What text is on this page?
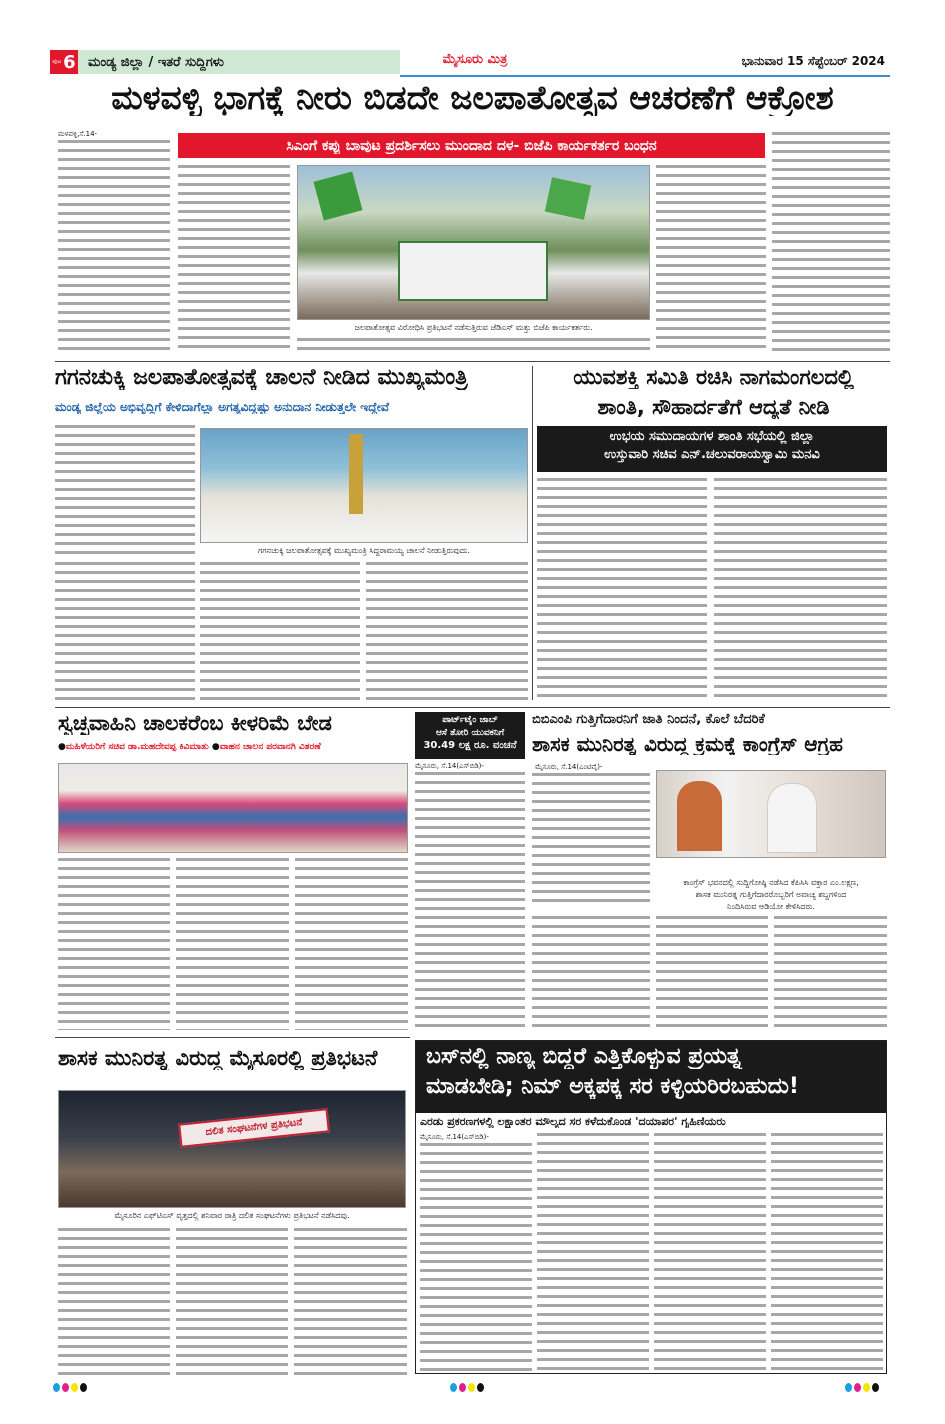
ಪುಟ 6 ಮಂಡ್ಯ ಜಿಲ್ಲಾ / ಇತರೆ ಸುದ್ದಿಗಳು	ಮೈಸೂರು ಮಿತ್ರ	ಭಾನುವಾರ 15 ಸೆಪ್ಟೆಂಬರ್ 2024
ಮಳವಳ್ಳಿ ಭಾಗಕ್ಕೆ ನೀರು ಬಿಡದೇ ಜಲಪಾತೋತ್ಸವ ಆಚರಣೆಗೆ ಆಕ್ರೋಶ
ಮಳವಳ್ಳಿ,ಸೆ.14-
ಸಿಎಂಗೆ ಕಪ್ಪು ಬಾವುಟ ಪ್ರದರ್ಶಿಸಲು ಮುಂದಾದ ದಳ- ಬಿಜೆಪಿ ಕಾರ್ಯಕರ್ತರ ಬಂಧನ
ಜಲಪಾತೋತ್ಸವ ವಿರೋಧಿಸಿ ಪ್ರತಿಭಟನೆ ನಡೆಸುತ್ತಿರುವ ಜೆಡಿಎಸ್ ಮತ್ತು ಬಿಜೆಪಿ ಕಾರ್ಯಕರ್ತರು.
ಗಗನಚುಕ್ಕಿ ಜಲಪಾತೋತ್ಸವಕ್ಕೆ ಚಾಲನೆ ನೀಡಿದ ಮುಖ್ಯಮಂತ್ರಿ
ಮಂಡ್ಯ ಜಿಲ್ಲೆಯ ಅಭಿವೃದ್ಧಿಗೆ ಕೇಳಿದಾಗೆಲ್ಲಾ ಅಗತ್ಯವಿದ್ದಷ್ಟು ಅನುದಾನ ನೀಡುತ್ತಲೇ ಇದ್ದೇವೆ
ಗಗನಚುಕ್ಕಿ ಜಲಪಾತೋತ್ಸವಕ್ಕೆ ಮುಖ್ಯಮಂತ್ರಿ ಸಿದ್ದರಾಮಯ್ಯ ಚಾಲನೆ ನೀಡುತ್ತಿರುವುದು.
ಯುವಶಕ್ತಿ ಸಮಿತಿ ರಚಿಸಿ ನಾಗಮಂಗಲದಲ್ಲಿ
ಶಾಂತಿ, ಸೌಹಾರ್ದತೆಗೆ ಆದ್ಯತೆ ನೀಡಿ
ಉಭಯ ಸಮುದಾಯಗಳ ಶಾಂತಿ ಸಭೆಯಲ್ಲಿ ಜಿಲ್ಲಾ
ಉಸ್ತುವಾರಿ ಸಚಿವ ಎನ್.ಚಲುವರಾಯಸ್ವಾಮಿ ಮನವಿ
ಸ್ವಚ್ಛವಾಹಿನಿ ಚಾಲಕರೆಂಬ ಕೀಳರಿಮೆ ಬೇಡ
●ಮಹಿಳೆಯರಿಗೆ ಸಚಿವ ಡಾ.ಮಹದೇವಪ್ಪ ಕಿವಿಮಾತು ●ವಾಹನ ಚಾಲನ ಪರವಾನಗಿ ವಿತರಣೆ
ಪಾರ್ಟ್‌ಟೈಂ ಜಾಬ್
ಆಸೆ ತೋರಿ ಯುವಕನಿಗೆ
30.49 ಲಕ್ಷ ರೂ. ವಂಚನೆ
ಮೈಸೂರು, ಸೆ.14(ಎಸ್‌ಬಿಡಿ)-
ಬಿಬಿಎಂಪಿ ಗುತ್ತಿಗೆದಾರನಿಗೆ ಜಾತಿ ನಿಂದನೆ, ಕೊಲೆ ಬೆದರಿಕೆ
ಶಾಸಕ ಮುನಿರತ್ನ ವಿರುದ್ಧ ಕ್ರಮಕ್ಕೆ ಕಾಂಗ್ರೆಸ್ ಆಗ್ರಹ
ಮೈಸೂರು, ಸೆ.14(ಎಂಟಿವೈ)-
ಕಾಂಗ್ರೆಸ್ ಭವನದಲ್ಲಿ ಸುದ್ದಿಗೋಷ್ಠಿ ನಡೆಸಿದ ಕೆಪಿಸಿಸಿ ವಕ್ತಾರ ಎಂ.ಲಕ್ಷ್ಮಣ,
ಶಾಸಕ ಮುನಿರತ್ನ ಗುತ್ತಿಗೆದಾರರೊಬ್ಬರಿಗೆ ಅವಾಚ್ಯ ಶಬ್ದಗಳಿಂದ
ನಿಂದಿಸಿರುವ ಆಡಿಯೋ ಕೇಳಿಸಿದರು.
ಶಾಸಕ ಮುನಿರತ್ನ ವಿರುದ್ಧ ಮೈಸೂರಲ್ಲಿ ಪ್ರತಿಭಟನೆ
ದಲಿತ ಸಂಘಟನೆಗಳ ಪ್ರತಿಭಟನೆ
ಮೈಸೂರಿನ ಎಫ್‌ಟಿಎಸ್ ವೃತ್ತದಲ್ಲಿ ಶನಿವಾರ ರಾತ್ರಿ ದಲಿತ ಸಂಘಟನೆಗಳು ಪ್ರತಿಭಟನೆ ನಡೆಸಿದವು.
ಬಸ್‌ನಲ್ಲಿ ನಾಣ್ಯ ಬಿದ್ದರೆ ಎತ್ತಿಕೊಳ್ಳುವ ಪ್ರಯತ್ನ
ಮಾಡಬೇಡಿ; ನಿಮ್ ಅಕ್ಕಪಕ್ಕ ಸರ ಕಳ್ಳಿಯರಿರಬಹುದು!
ಎರಡು ಪ್ರಕರಣಗಳಲ್ಲಿ ಲಕ್ಷಾಂತರ ಮೌಲ್ಯದ ಸರ ಕಳೆದುಕೊಂಡ 'ದಯಾಪರ' ಗೃಹಿಣಿಯರು
ಮೈಸೂರು, ಸೆ.14(ಎಸ್‌ಬಿಡಿ)-
